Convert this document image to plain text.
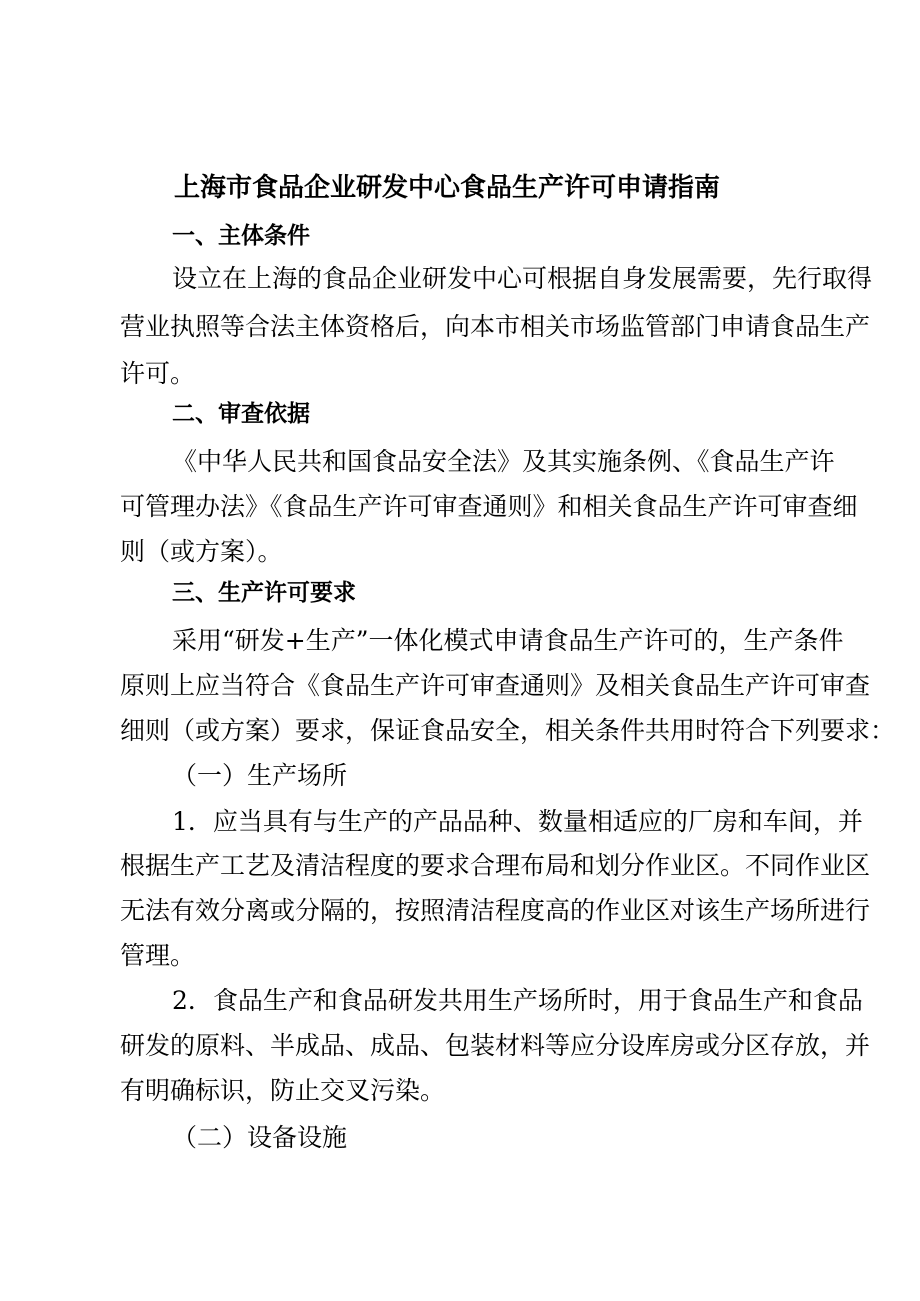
上海市食品企业研发中心食品生产许可申请指南
一、主体条件
设立在上海的食品企业研发中心可根据自身发展需要，先行取得
营业执照等合法主体资格后，向本市相关市场监管部门申请食品生产
许可。
二、审查依据
《中华人民共和国食品安全法》及其实施条例、《食品生产许
可管理办法》《食品生产许可审查通则》和相关食品生产许可审查细
则（或方案）。
三、生产许可要求
采用“研发+生产”一体化模式申请食品生产许可的，生产条件
原则上应当符合《食品生产许可审查通则》及相关食品生产许可审查
细则（或方案）要求，保证食品安全，相关条件共用时符合下列要求：
（一）生产场所
1．应当具有与生产的产品品种、数量相适应的厂房和车间，并
根据生产工艺及清洁程度的要求合理布局和划分作业区。不同作业区
无法有效分离或分隔的，按照清洁程度高的作业区对该生产场所进行
管理。
2．食品生产和食品研发共用生产场所时，用于食品生产和食品
研发的原料、半成品、成品、包装材料等应分设库房或分区存放，并
有明确标识，防止交叉污染。
（二）设备设施
